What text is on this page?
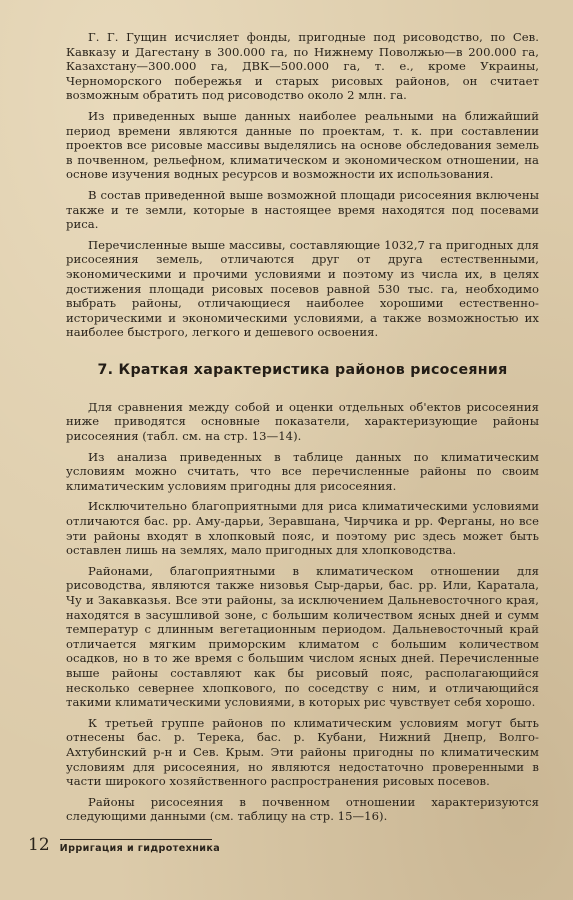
Г. Г. Гущин исчисляет фонды, пригодные под рисоводство, по Сев. Кавказу и Дагестану в 300.000 га, по Нижнему Поволжью—в 200.000 га, Казахстану—300.000 га, ДВК—500.000 га, т. е., кроме Украины, Черноморского побережья и старых рисовых районов, он считает возможным обратить под рисоводство около 2 млн. га.

Из приведенных выше данных наиболее реальными на ближайший период времени являются данные по проектам, т. к. при составлении проектов все рисовые массивы выделялись на основе обследования земель в почвенном, рельефном, климатическом и экономическом отношении, на основе изучения водных ресурсов и возможности их использования.

В состав приведенной выше возможной площади рисосеяния включены также и те земли, которые в настоящее время находятся под посевами риса.

Перечисленные выше массивы, составляющие 1032,7 га пригодных для рисосеяния земель, отличаются друг от друга естественными, экономическими и прочими условиями и поэтому из числа их, в целях достижения площади рисовых посевов равной 530 тыс. га, необходимо выбрать районы, отличающиеся наиболее хорошими естественно-историческими и экономическими условиями, а также возможностью их наиболее быстрого, легкого и дешевого освоения.

7. Краткая характеристика районов рисосеяния

Для сравнения между собой и оценки отдельных об'ектов рисосеяния ниже приводятся основные показатели, характеризующие районы рисосеяния (табл. см. на стр. 13—14).

Из анализа приведенных в таблице данных по климатическим условиям можно считать, что все перечисленные районы по своим климатическим условиям пригодны для рисосеяния.

Исключительно благоприятными для риса климатическими условиями отличаются бас. рр. Аму-дарьи, Зеравшана, Чирчика и рр. Ферганы, но все эти районы входят в хлопковый пояс, и поэтому рис здесь может быть оставлен лишь на землях, мало пригодных для хлопководства.

Районами, благоприятными в климатическом отношении для рисоводства, являются также низовья Сыр-дарьи, бас. рр. Или, Каратала, Чу и Закавказья. Все эти районы, за исключением Дальневосточного края, находятся в засушливой зоне, с большим количеством ясных дней и сумм температур с длинным вегетационным периодом. Дальневосточный край отличается мягким приморским климатом с большим количеством осадков, но в то же время с большим числом ясных дней. Перечисленные выше районы составляют как бы рисовый пояс, располагающийся несколько севернее хлопкового, по соседству с ним, и отличающийся такими климатическими условиями, в которых рис чувствует себя хорошо.

К третьей группе районов по климатическим условиям могут быть отнесены бас. р. Терека, бас. р. Кубани, Нижний Днепр, Волго-Ахтубинский р-н и Сев. Крым. Эти районы пригодны по климатическим условиям для рисосеяния, но являются недостаточно проверенными в части широкого хозяйственного распространения рисовых посевов.

Районы рисосеяния в почвенном отношении характеризуются следующими данными (см. таблицу на стр. 15—16).

12 Ирригация и гидротехника
